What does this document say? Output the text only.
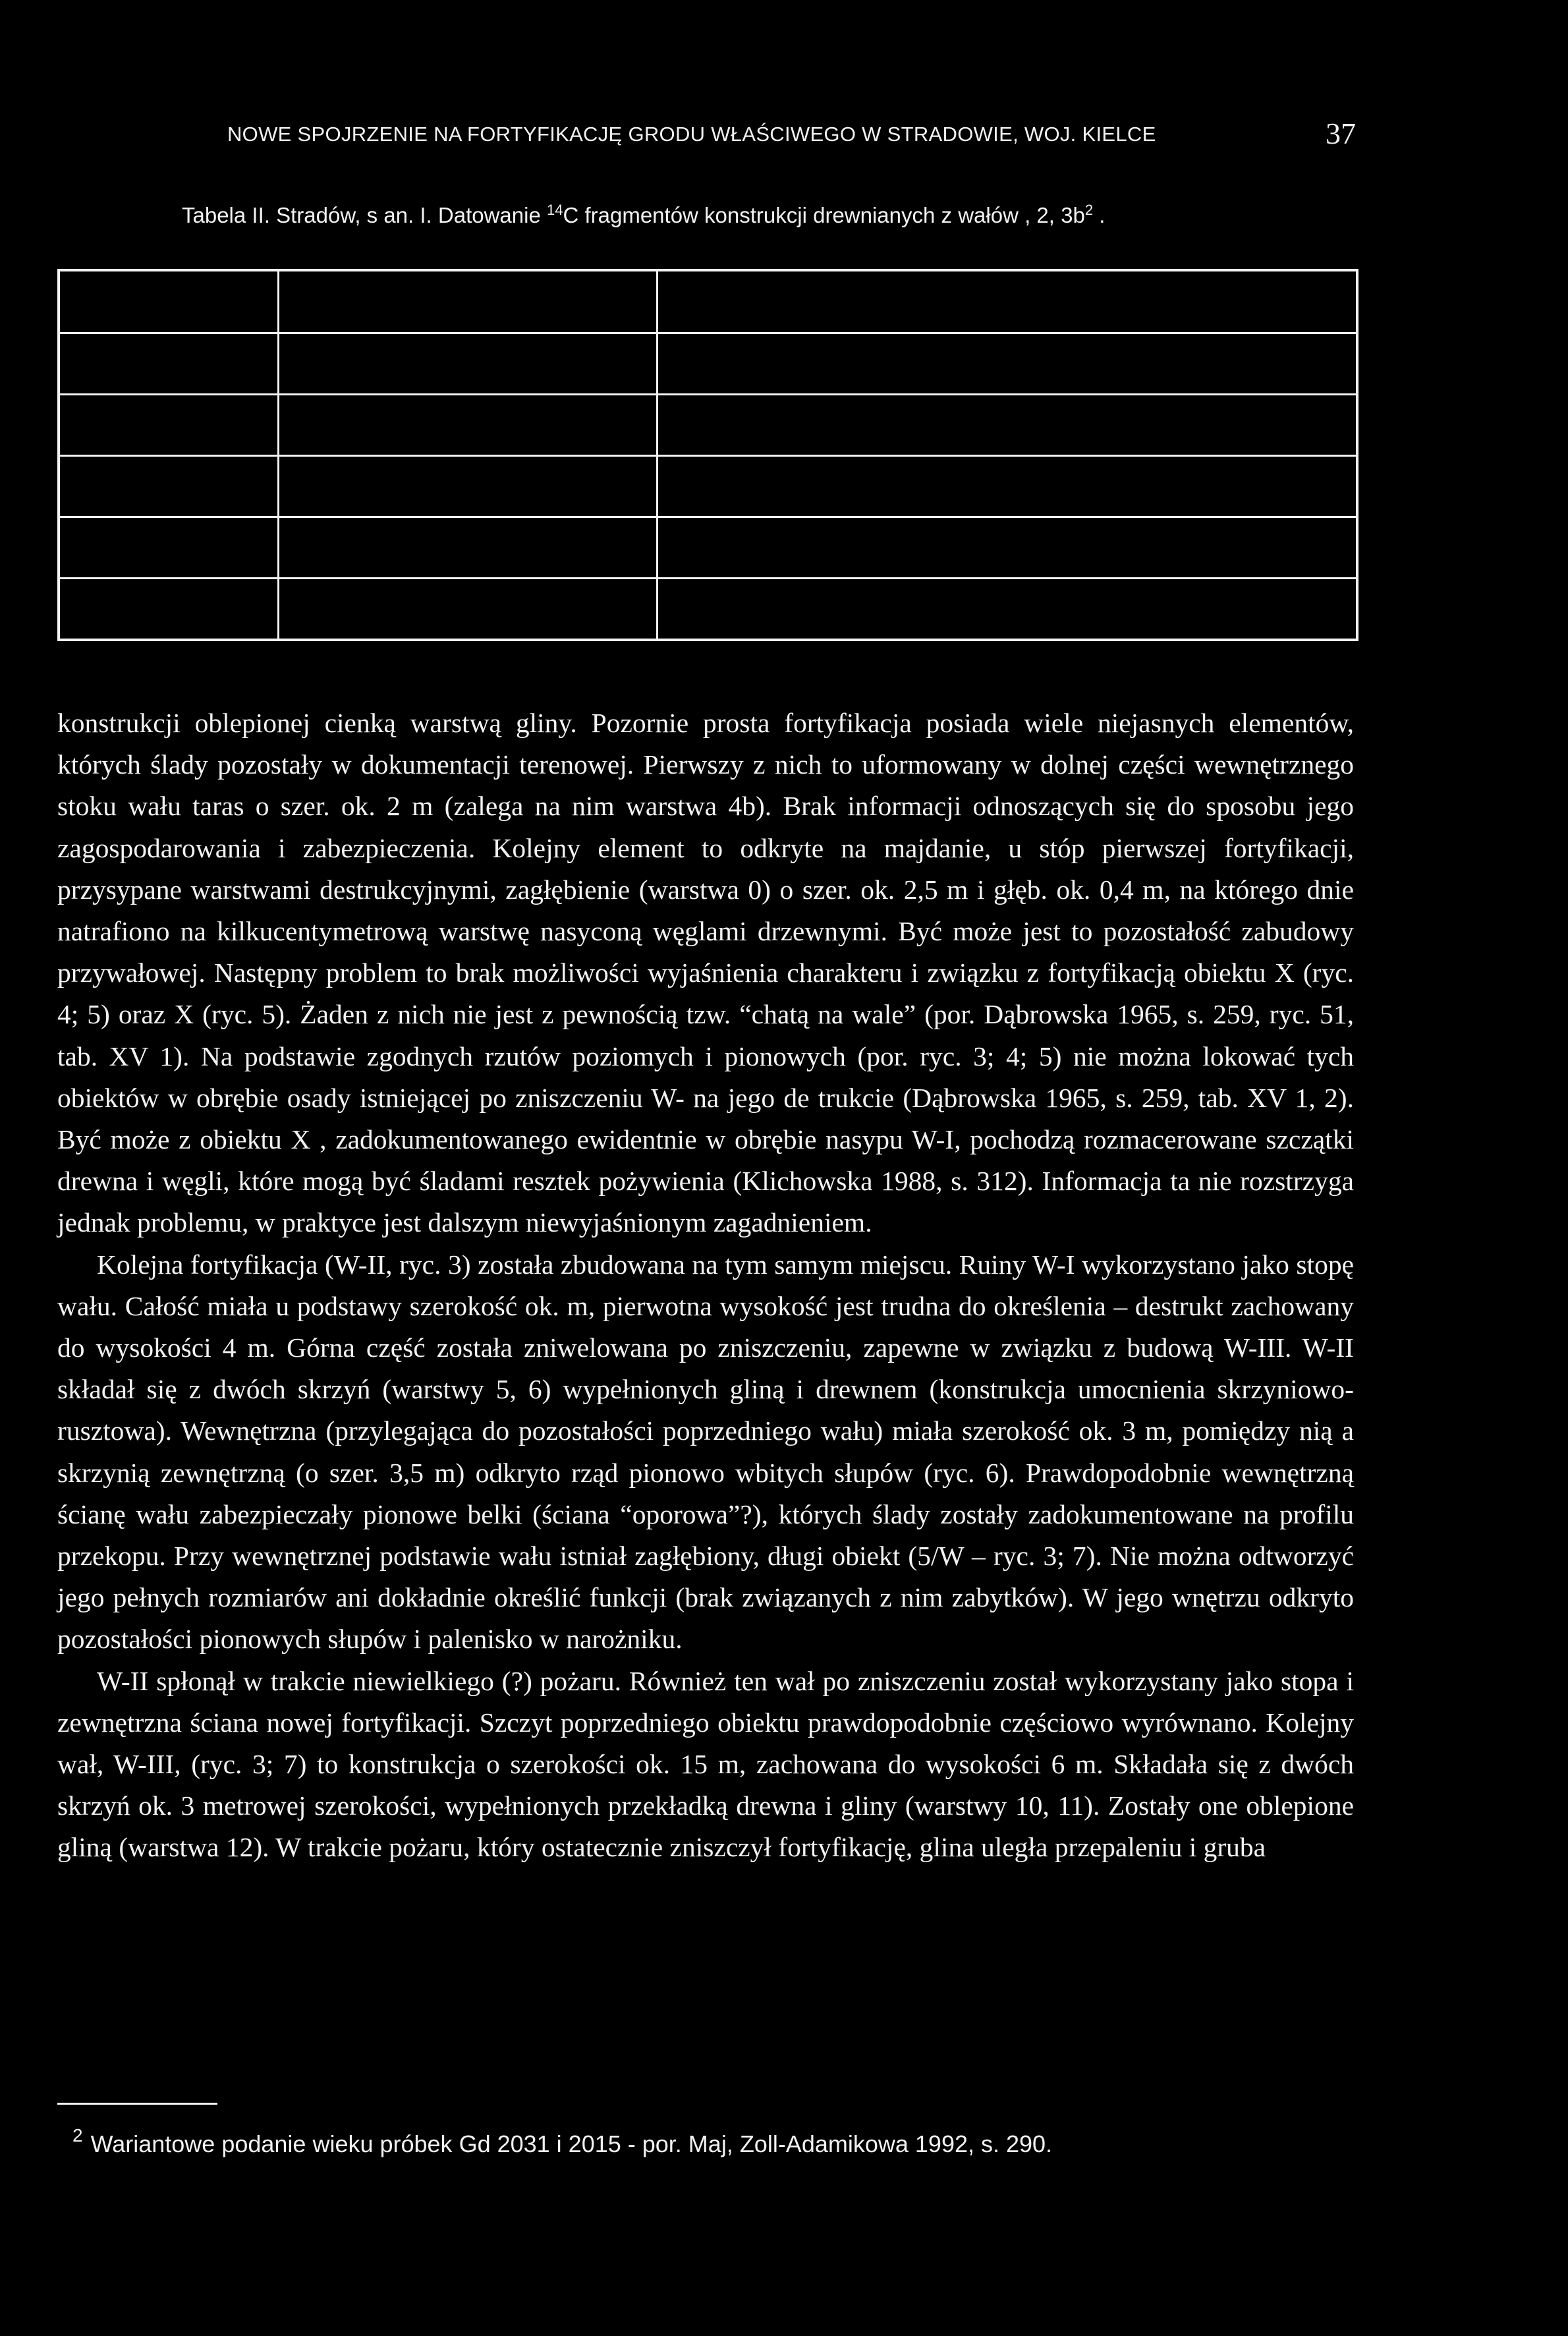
NOWE SPOJRZENIE NA FORTYFIKACJĘ GRODU WŁAŚCIWEGO W STRADOWIE, WOJ. KIELCE	37
Tabela II. Stradów, s an. I. Datowanie $^{14}$C fragmentów konstrukcji drewnianych z wałów , 2, $3b^2$ .

konstrukcji oblepionej cienką warstwą gliny. Pozornie prosta fortyfikacja posiada wiele niejasnych elementów, których ślady pozostały w dokumentacji terenowej. Pierwszy z nich to uformowany w dolnej części wewnętrznego stoku wału taras o szer. ok. 2 m (zalega na nim warstwa 4b). Brak informacji odnoszących się do sposobu jego zagospodarowania i zabezpieczenia. Kolejny element to odkryte na majdanie, u stóp pierwszej fortyfikacji, przysypane warstwami destrukcyjnymi, zagłębienie (warstwa 0) o szer. ok. 2,5 m i głęb. ok. 0,4 m, na którego dnie natrafiono na kilkucentymetrową warstwę nasyconą węglami drzewnymi. Być może jest to pozostałość zabudowy przywałowej. Następny problem to brak możliwości wyjaśnienia charakteru i związku z fortyfikacją obiektu X (ryc. 4; 5) oraz X (ryc. 5). Żaden z nich nie jest z pewnością tzw. “chatą na wale” (por. Dąbrowska 1965, s. 259, ryc. 51, tab. XV 1). Na podstawie zgodnych rzutów poziomych i pionowych (por. ryc. 3; 4; 5) nie można lokować tych obiektów w obrębie osady istniejącej po zniszczeniu W- na jego de trukcie (Dąbrowska 1965, s. 259, tab. XV 1, 2). Być może z obiektu X , zadokumentowanego ewidentnie w obrębie nasypu W-I, pochodzą rozmacerowane szczątki drewna i węgli, które mogą być śladami resztek pożywienia (Klichowska 1988, s. 312). Informacja ta nie rozstrzyga jednak problemu, w praktyce jest dalszym niewyjaśnionym zagadnieniem.

Kolejna fortyfikacja (W-II, ryc. 3) została zbudowana na tym samym miejscu. Ruiny W-I wykorzystano jako stopę wału. Całość miała u podstawy szerokość ok. m, pierwotna wysokość jest trudna do określenia – destrukt zachowany do wysokości 4 m. Górna część została zniwelowana po zniszczeniu, zapewne w związku z budową W-III. W-II składał się z dwóch skrzyń (warstwy 5, 6) wypełnionych gliną i drewnem (konstrukcja umocnienia skrzyniowo-rusztowa). Wewnętrzna (przylegająca do pozostałości poprzedniego wału) miała szerokość ok. 3 m, pomiędzy nią a skrzynią zewnętrzną (o szer. 3,5 m) odkryto rząd pionowo wbitych słupów (ryc. 6). Prawdopodobnie wewnętrzną ścianę wału zabezpieczały pionowe belki (ściana “oporowa”?), których ślady zostały zadokumentowane na profilu przekopu. Przy wewnętrznej podstawie wału istniał zagłębiony, długi obiekt (5/W – ryc. 3; 7). Nie można odtworzyć jego pełnych rozmiarów ani dokładnie określić funkcji (brak związanych z nim zabytków). W jego wnętrzu odkryto pozostałości pionowych słupów i palenisko w narożniku.

W-II spłonął w trakcie niewielkiego (?) pożaru. Również ten wał po zniszczeniu został wykorzystany jako stopa i zewnętrzna ściana nowej fortyfikacji. Szczyt poprzedniego obiektu prawdopodobnie częściowo wyrównano. Kolejny wał, W-III, (ryc. 3; 7) to konstrukcja o szerokości ok. 15 m, zachowana do wysokości 6 m. Składała się z dwóch skrzyń ok. 3 metrowej szerokości, wypełnionych przekładką drewna i gliny (warstwy 10, 11). Zostały one oblepione gliną (warstwa 12). W trakcie pożaru, który ostatecznie zniszczył fortyfikację, glina uległa przepaleniu i gruba

$^2$ Wariantowe podanie wieku próbek Gd 2031 i 2015 - por. Maj, Zoll-Adamikowa 1992, s. 290.
